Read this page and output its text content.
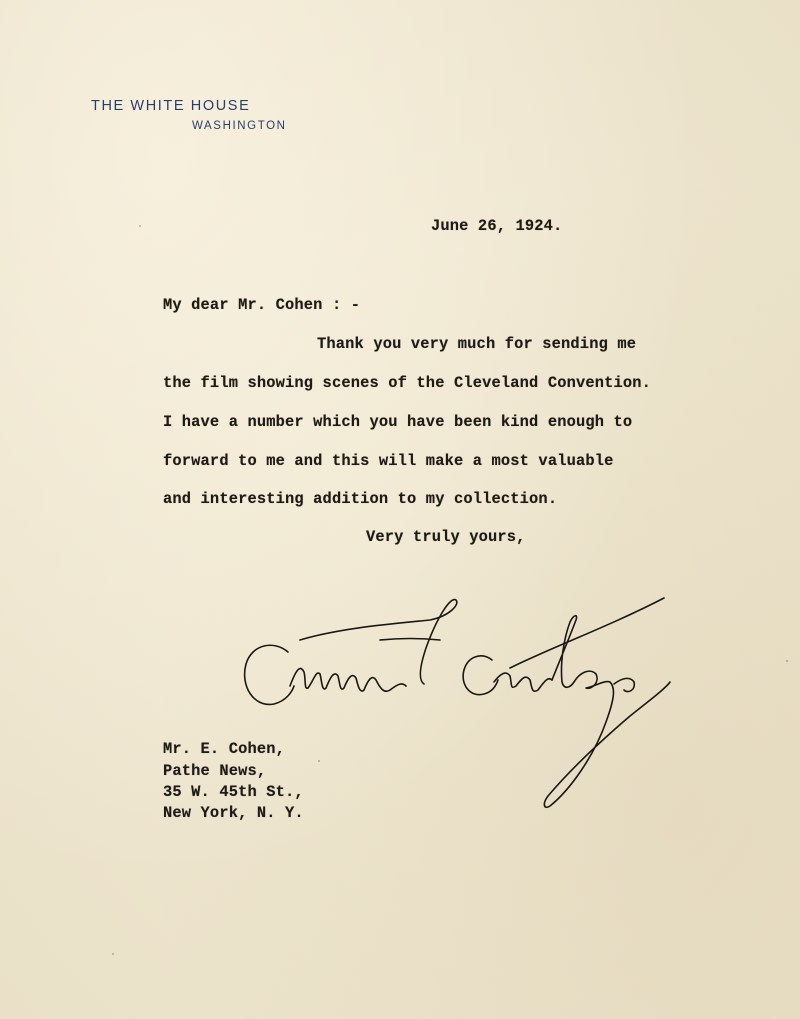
THE WHITE HOUSE
WASHINGTON
June 26, 1924.
My dear Mr. Cohen : -
Thank you very much for sending me
the film showing scenes of the Cleveland Convention.
I have a number which you have been kind enough to
forward to me and this will make a most valuable
and interesting addition to my collection.
Very truly yours,
Mr. E. Cohen,
Pathe News,
35 W. 45th St.,
New York, N. Y.
